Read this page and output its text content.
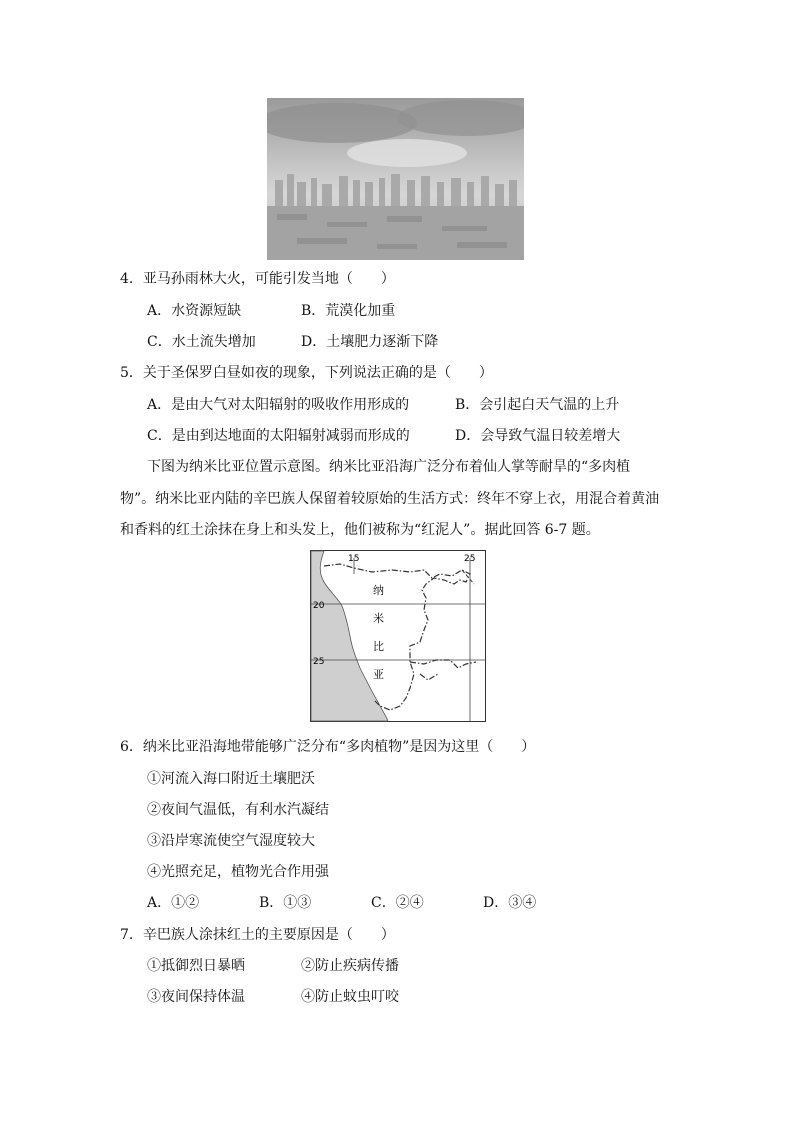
4．亚马孙雨林大火，可能引发当地（　　）
A．水资源短缺	B．荒漠化加重
C．水土流失增加	D．土壤肥力逐渐下降
5．关于圣保罗白昼如夜的现象，下列说法正确的是（　　）
A．是由大气对太阳辐射的吸收作用形成的	B．会引起白天气温的上升
C．是由到达地面的太阳辐射减弱而形成的	D．会导致气温日较差增大
下图为纳米比亚位置示意图。纳米比亚沿海广泛分布着仙人掌等耐旱的“多肉植
物”。纳米比亚内陆的辛巴族人保留着较原始的生活方式：终年不穿上衣，用混合着黄油
和香料的红土涂抹在身上和头发上，他们被称为“红泥人”。据此回答 6-7 题。
15	25
20
25
纳
米
比
亚
6．纳米比亚沿海地带能够广泛分布“多肉植物”是因为这里（　　）
①河流入海口附近土壤肥沃
②夜间气温低，有利水汽凝结
③沿岸寒流使空气湿度较大
④光照充足，植物光合作用强
A．①②	B．①③	C．②④	D．③④
7．辛巴族人涂抹红土的主要原因是（　　）
①抵御烈日暴晒	②防止疾病传播
③夜间保持体温	④防止蚊虫叮咬
